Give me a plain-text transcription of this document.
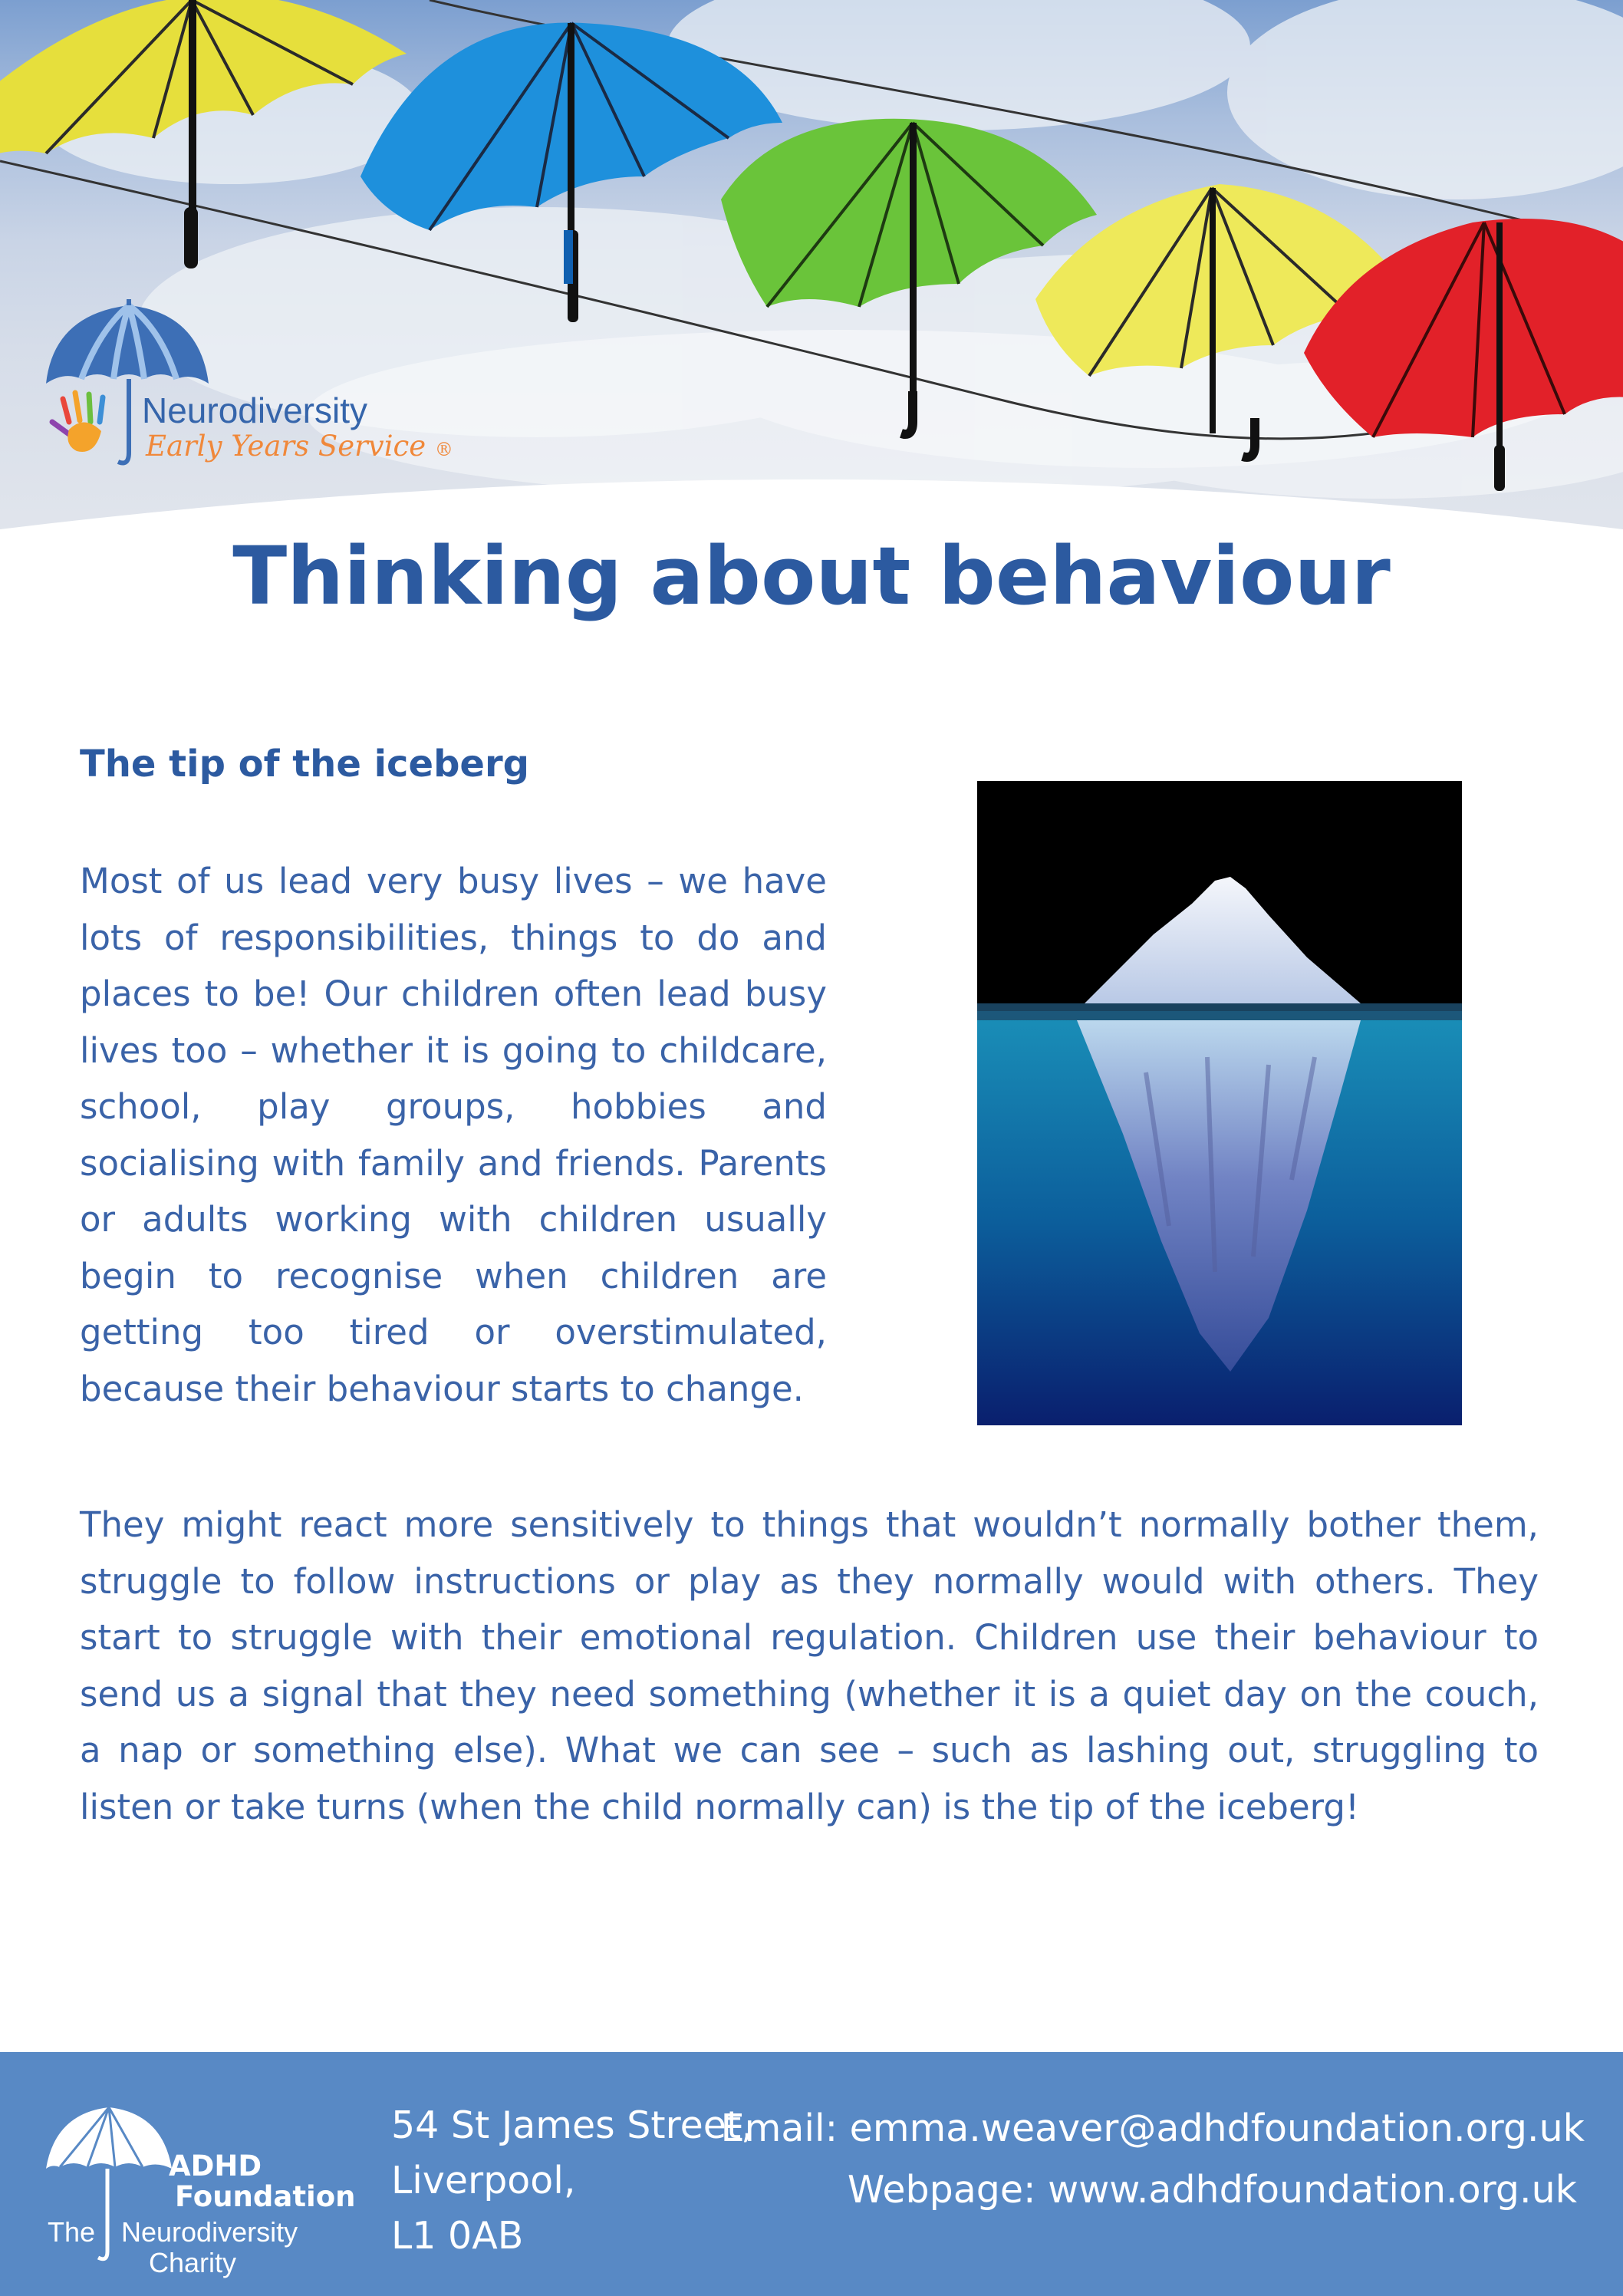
Neurodiversity
Early Years Service ®
Thinking about behaviour
The tip of the iceberg

Most of us lead very busy lives – we have lots of responsibilities, things to do and places to be! Our children often lead busy lives too – whether it is going to childcare, school, play groups, hobbies and socialising with family and friends. Parents or adults working with children usually begin to recognise when children are getting too tired or overstimulated, because their behaviour starts to change.

They might react more sensitively to things that wouldn’t normally bother them, struggle to follow instructions or play as they normally would with others. They start to struggle with their emotional regulation. Children use their behaviour to send us a signal that they need something (whether it is a quiet day on the couch, a nap or something else). What we can see – such as lashing out, struggling to listen or take turns (when the child normally can) is the tip of the iceberg!

ADHD
Foundation
The Neurodiversity
Charity
54 St James Street,
Liverpool,
L1 0AB
Email: emma.weaver@adhdfoundation.org.uk
Webpage: www.adhdfoundation.org.uk
